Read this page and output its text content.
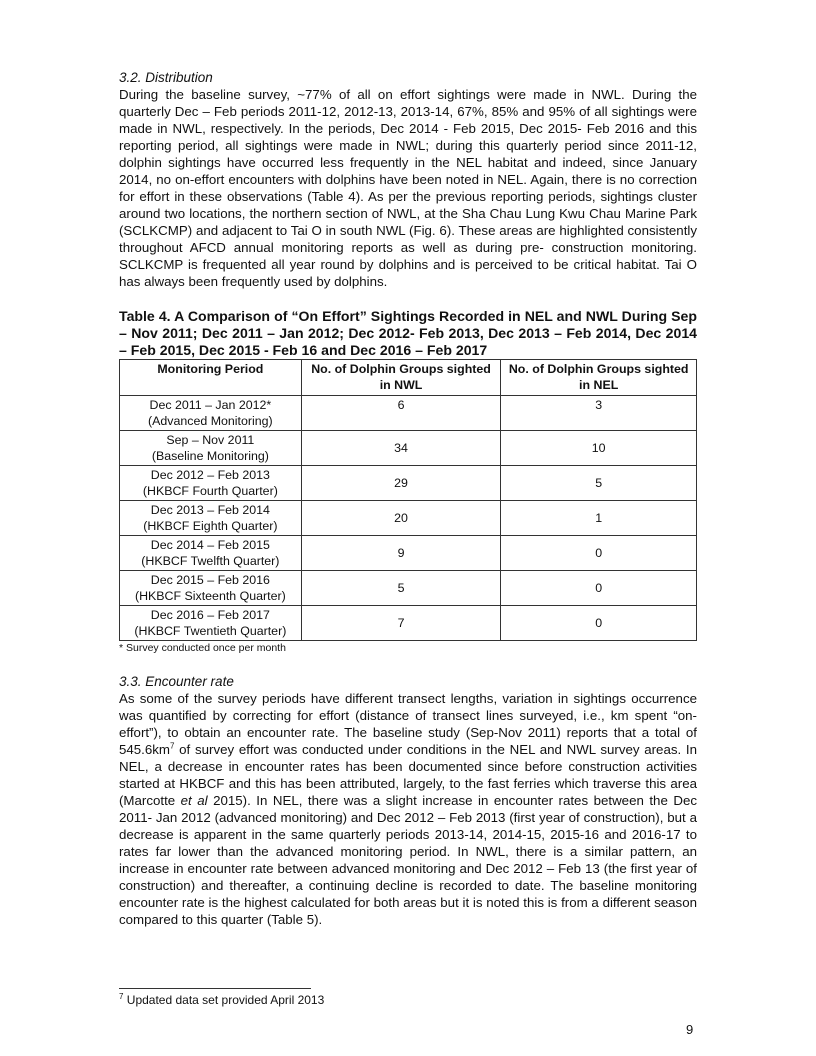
3.2. Distribution

During the baseline survey, ~77% of all on effort sightings were made in NWL. During the quarterly Dec – Feb periods 2011-12, 2012-13, 2013-14, 67%, 85% and 95% of all sightings were made in NWL, respectively. In the periods, Dec 2014 - Feb 2015, Dec 2015- Feb 2016 and this reporting period, all sightings were made in NWL; during this quarterly period since 2011-12, dolphin sightings have occurred less frequently in the NEL habitat and indeed, since January 2014, no on-effort encounters with dolphins have been noted in NEL. Again, there is no correction for effort in these observations (Table 4). As per the previous reporting periods, sightings cluster around two locations, the northern section of NWL, at the Sha Chau Lung Kwu Chau Marine Park (SCLKCMP) and adjacent to Tai O in south NWL (Fig. 6). These areas are highlighted consistently throughout AFCD annual monitoring reports as well as during pre- construction monitoring. SCLKCMP is frequented all year round by dolphins and is perceived to be critical habitat. Tai O has always been frequently used by dolphins.

Table 4. A Comparison of “On Effort” Sightings Recorded in NEL and NWL During Sep – Nov 2011; Dec 2011 – Jan 2012; Dec 2012- Feb 2013, Dec 2013 – Feb 2014, Dec 2014 – Feb 2015, Dec 2015 - Feb 16 and Dec 2016 – Feb 2017

Monitoring Period	No. of Dolphin Groups sighted in NWL	No. of Dolphin Groups sighted in NEL

Dec 2011 – Jan 2012*
(Advanced Monitoring)	6	3

Sep – Nov 2011
(Baseline Monitoring)	34	10

Dec 2012 – Feb 2013
(HKBCF Fourth Quarter)	29	5

Dec 2013 – Feb 2014
(HKBCF Eighth Quarter)	20	1

Dec 2014 – Feb 2015
(HKBCF Twelfth Quarter)	9	0

Dec 2015 – Feb 2016
(HKBCF Sixteenth Quarter)	5	0

Dec 2016 – Feb 2017
(HKBCF Twentieth Quarter)	7	0

* Survey conducted once per month

3.3. Encounter rate

As some of the survey periods have different transect lengths, variation in sightings occurrence was quantified by correcting for effort (distance of transect lines surveyed, i.e., km spent “on-effort”), to obtain an encounter rate. The baseline study (Sep-Nov 2011) reports that a total of $545.6km^7$ of survey effort was conducted under conditions in the NEL and NWL survey areas. In NEL, a decrease in encounter rates has been documented since before construction activities started at HKBCF and this has been attributed, largely, to the fast ferries which traverse this area (Marcotte et al 2015). In NEL, there was a slight increase in encounter rates between the Dec 2011- Jan 2012 (advanced monitoring) and Dec 2012 – Feb 2013 (first year of construction), but a decrease is apparent in the same quarterly periods 2013-14, 2014-15, 2015-16 and 2016-17 to rates far lower than the advanced monitoring period. In NWL, there is a similar pattern, an increase in encounter rate between advanced monitoring and Dec 2012 – Feb 13 (the first year of construction) and thereafter, a continuing decline is recorded to date. The baseline monitoring encounter rate is the highest calculated for both areas but it is noted this is from a different season compared to this quarter (Table 5).

$^7$ Updated data set provided April 2013
9
